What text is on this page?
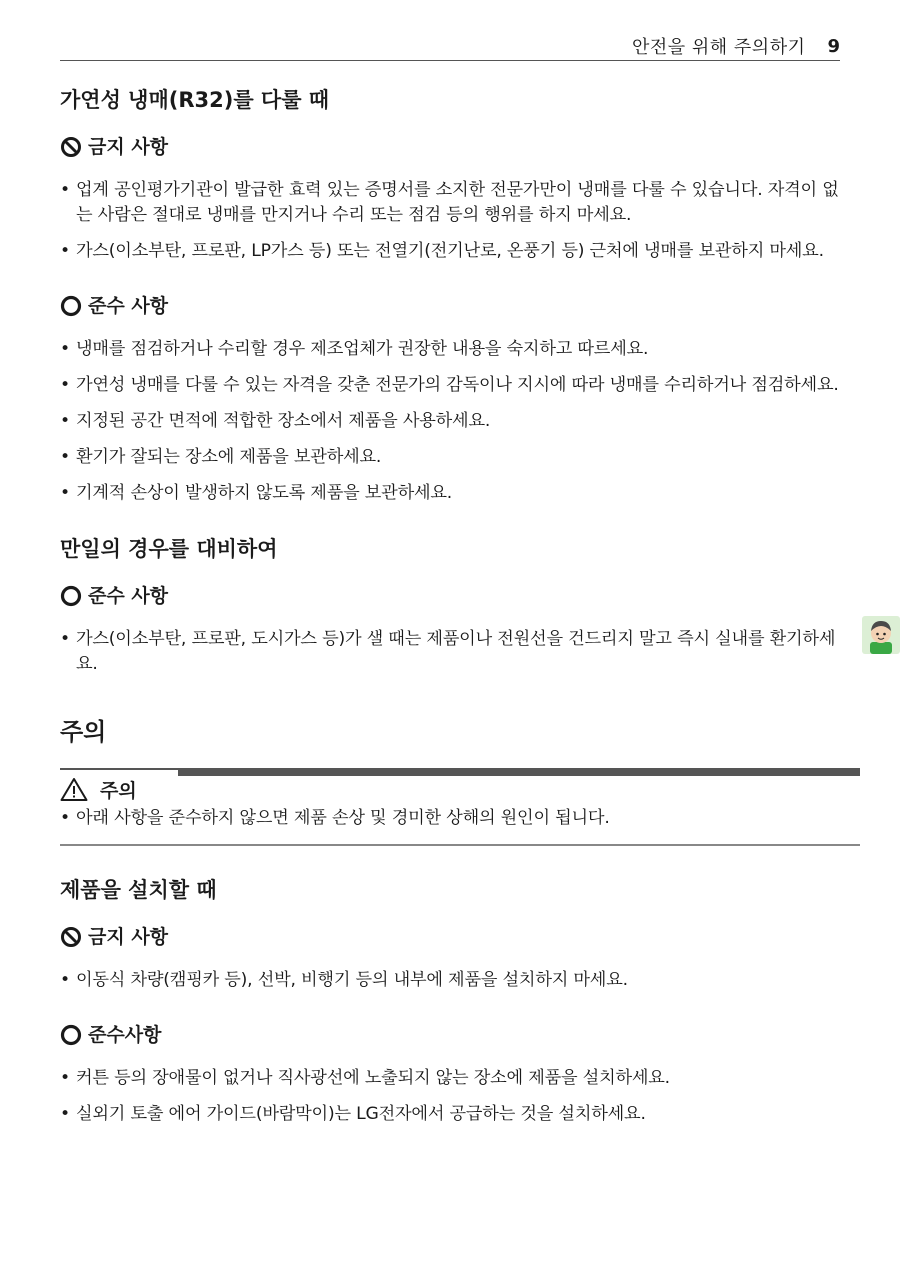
안전을 위해 주의하기 9
가연성 냉매(R32)를 다룰 때
금지 사항
• 업계 공인평가기관이 발급한 효력 있는 증명서를 소지한 전문가만이 냉매를 다룰 수 있습니다. 자격이 없는 사람은 절대로 냉매를 만지거나 수리 또는 점검 등의 행위를 하지 마세요.
• 가스(이소부탄, 프로판, LP가스 등) 또는 전열기(전기난로, 온풍기 등) 근처에 냉매를 보관하지 마세요.
준수 사항
• 냉매를 점검하거나 수리할 경우 제조업체가 권장한 내용을 숙지하고 따르세요.
• 가연성 냉매를 다룰 수 있는 자격을 갖춘 전문가의 감독이나 지시에 따라 냉매를 수리하거나 점검하세요.
• 지정된 공간 면적에 적합한 장소에서 제품을 사용하세요.
• 환기가 잘되는 장소에 제품을 보관하세요.
• 기계적 손상이 발생하지 않도록 제품을 보관하세요.
만일의 경우를 대비하여
준수 사항
• 가스(이소부탄, 프로판, 도시가스 등)가 샐 때는 제품이나 전원선을 건드리지 말고 즉시 실내를 환기하세요.
주의
주의
• 아래 사항을 준수하지 않으면 제품 손상 및 경미한 상해의 원인이 됩니다.
제품을 설치할 때
금지 사항
• 이동식 차량(캠핑카 등), 선박, 비행기 등의 내부에 제품을 설치하지 마세요.
준수사항
• 커튼 등의 장애물이 없거나 직사광선에 노출되지 않는 장소에 제품을 설치하세요.
• 실외기 토출 에어 가이드(바람막이)는 LG전자에서 공급하는 것을 설치하세요.
